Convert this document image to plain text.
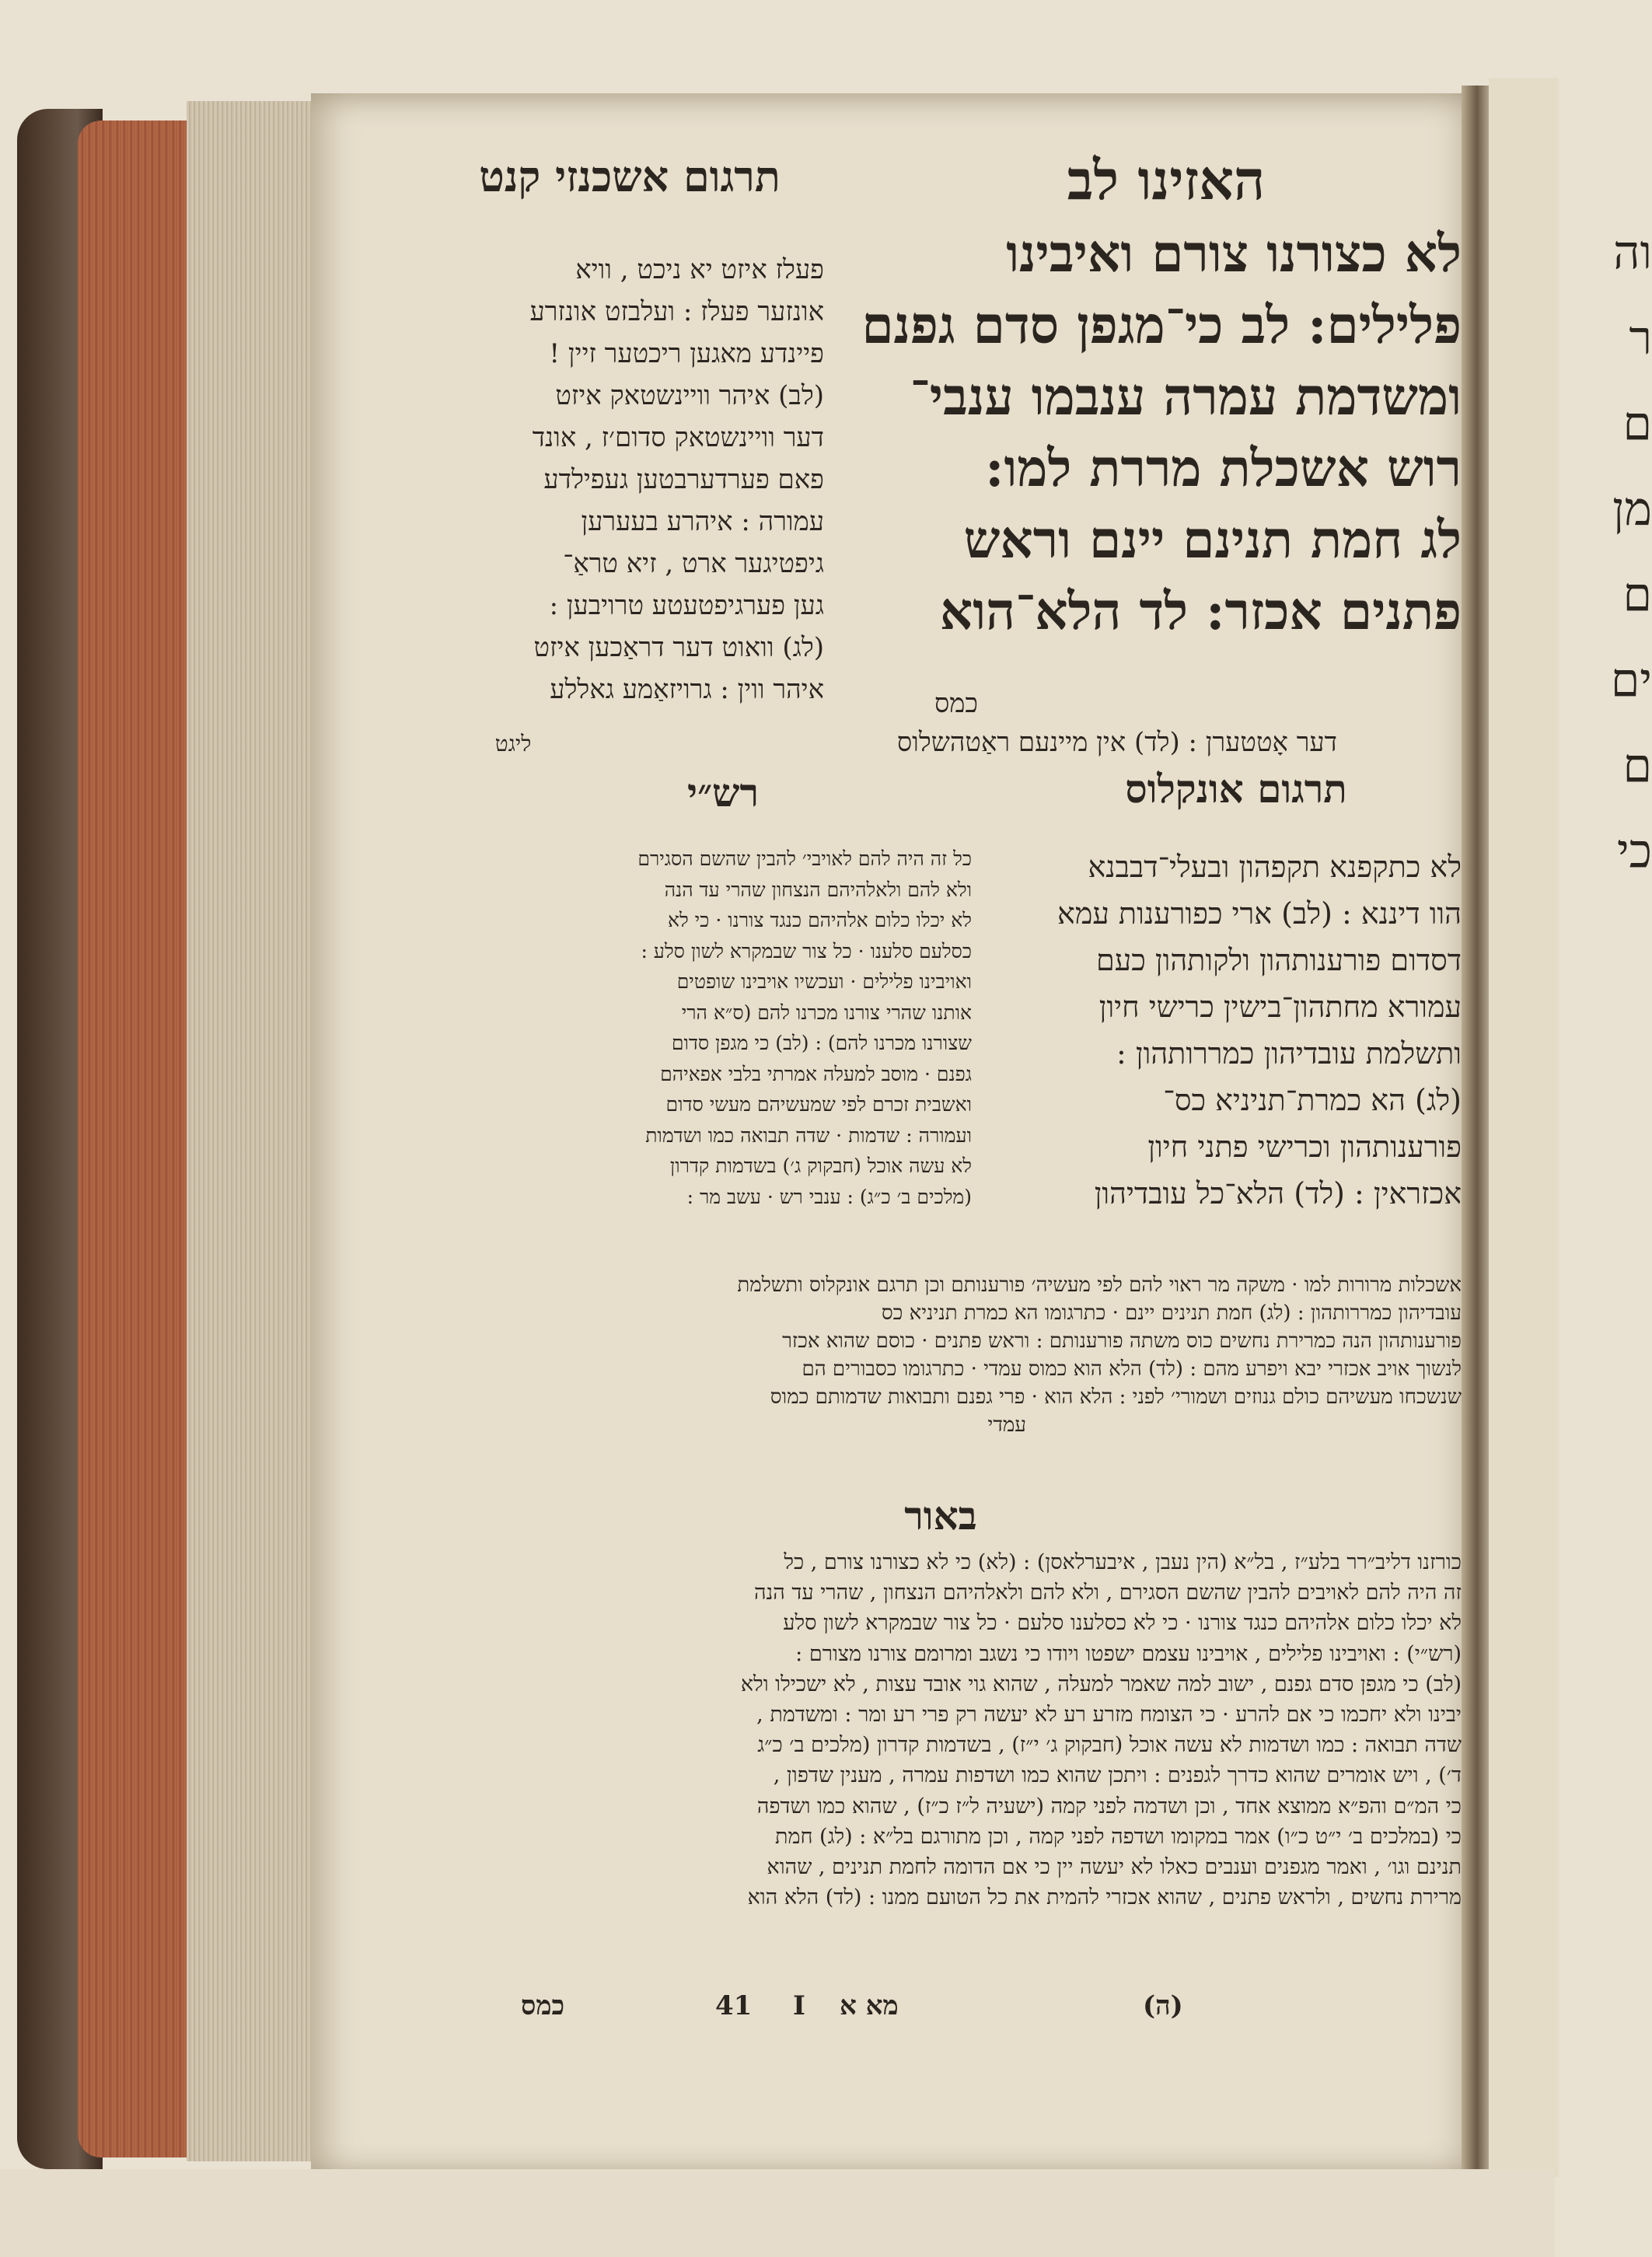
וה
ר
ם
מן
ם
ים
ם
כי
תרגום אשכנזי קנט	האזינו לב
לא כצורנו צורם ואיבינו
פלילים: לב כי־מגפן סדם גפנם
ומשדמת עמרה ענבמו ענבי־
רוש אשכלת מררת למו:
לג חמת תנינם יינם וראש
פתנים אכזר: לד הלא־הוא
כמס
פעלז איזט יא ניכט , וויא
אונזער פעלז : ועלבזט אונזרע
פיינדע מאגען ריכטער זיין !
(לב) איהר וויינשטאק איזט
דער וויינשטאק סדום׳ז , אונד
פאם פערדערבטען געפילדע
עמורה : איהרע בעערען
גיפטיגער ארט , זיא טראַ־
גען פערגיפטעטע טרויבען :
(לג) וואוט דער דראַכען איזט
איהר ווין : גרויזאַמע גאללע
דער אָטטערן : (לד) אין מיינעם ראַטהשלוס
ליגט
תרגום אונקלוס
רש״י
לא כתקפנא תקפהון ובעלי־דבבנא
הוו דיננא : (לב) ארי כפורענות עמא
דסדום פורענותהון ולקותהון כעם
עמורא מחתהון־בישין כרישי חיון
ותשלמת עובדיהון כמררותהון :
(לג) הא כמרת־תניניא כס־
פורענותהון וכרישי פתני חיון
אכזראין : (לד) הלא־כל עובדיהון
כל זה היה להם לאויבי׳ להבין שהשם הסגירם
ולא להם ולאלהיהם הנצחון שהרי עד הנה
לא יכלו כלום אלהיהם כנגד צורנו · כי לא
כסלעם סלענו · כל צור שבמקרא לשון סלע :
ואויבינו פלילים · ועכשיו אויבינו שופטים
אותנו שהרי צורנו מכרנו להם (ס״א הרי
שצורנו מכרנו להם) : (לב) כי מגפן סדום
גפנם · מוסב למעלה אמרתי בלבי אפאיהם
ואשבית זכרם לפי שמעשיהם מעשי סדום
ועמורה : שדמות · שדה תבואה כמו ושדמות
לא עשה אוכל (חבקוק ג׳) בשדמות קדרון
(מלכים ב׳ כ״ג) : ענבי רש · עשב מר :
אשכלות מרורות למו · משקה מר ראוי להם לפי מעשיה׳ פורענותם וכן תרגם אונקלוס ותשלמת
עובדיהון כמררותהון : (לג) חמת תנינים יינם · כתרגומו הא כמרת תניניא כס
פורענותהון הנה כמרירת נחשים כוס משתה פורענותם : וראש פתנים · כוסם שהוא אכזר
לנשוך אויב אכזרי יבא ויפרע מהם : (לד) הלא הוא כמוס עמדי · כתרגומו כסבורים הם
שנשכחו מעשיהם כולם גנוזים ושמורי׳ לפני : הלא הוא · פרי גפנם ותבואות שדמותם כמוס
עמדי
באור
כורזנו דליב״רר בלע״ז , בל״א (הין נעבן , איבערלאסן) : (לא) כי לא כצורנו צורם , כל
זה היה להם לאויבים להבין שהשם הסגירם , ולא להם ולאלהיהם הנצחון , שהרי עד הנה
לא יכלו כלום אלהיהם כנגד צורנו · כי לא כסלענו סלעם · כל צור שבמקרא לשון סלע
(רש״י) : ואויבינו פלילים , אויבינו עצמם ישפטו ויודו כי נשגב ומרומם צורנו מצורם :
(לב) כי מגפן סדם גפנם , ישוב למה שאמר למעלה , שהוא גוי אובד עצות , לא ישכילו ולא
יבינו ולא יחכמו כי אם להרע · כי הצומח מזרע רע לא יעשה רק פרי רע ומר : ומשדמת ,
שדה תבואה : כמו ושדמות לא עשה אוכל (חבקוק ג׳ י״ז) , בשדמות קדרון (מלכים ב׳ כ״ג
ד׳) , ויש אומרים שהוא כדרך לגפנים : ויתכן שהוא כמו ושדפות עמרה , מענין שדפון ,
כי המ״ם והפ״א ממוצא אחד , וכן ושדמה לפני קמה (ישעיה ל״ז כ״ז) , שהוא כמו ושדפה
כי (במלכים ב׳ י״ט כ״ו) אמר במקומו ושדפה לפני קמה , וכן מתורגם בל״א : (לג) חמת
תנינם וגו׳ , ואמר מגפנים וענבים כאלו לא יעשה יין כי אם הדומה לחמת תנינים , שהוא
מרירת נחשים , ולראש פתנים , שהוא אכזרי להמית את כל הטועם ממנו : (לד) הלא הוא
כמס	41 I מא א	(ה)
